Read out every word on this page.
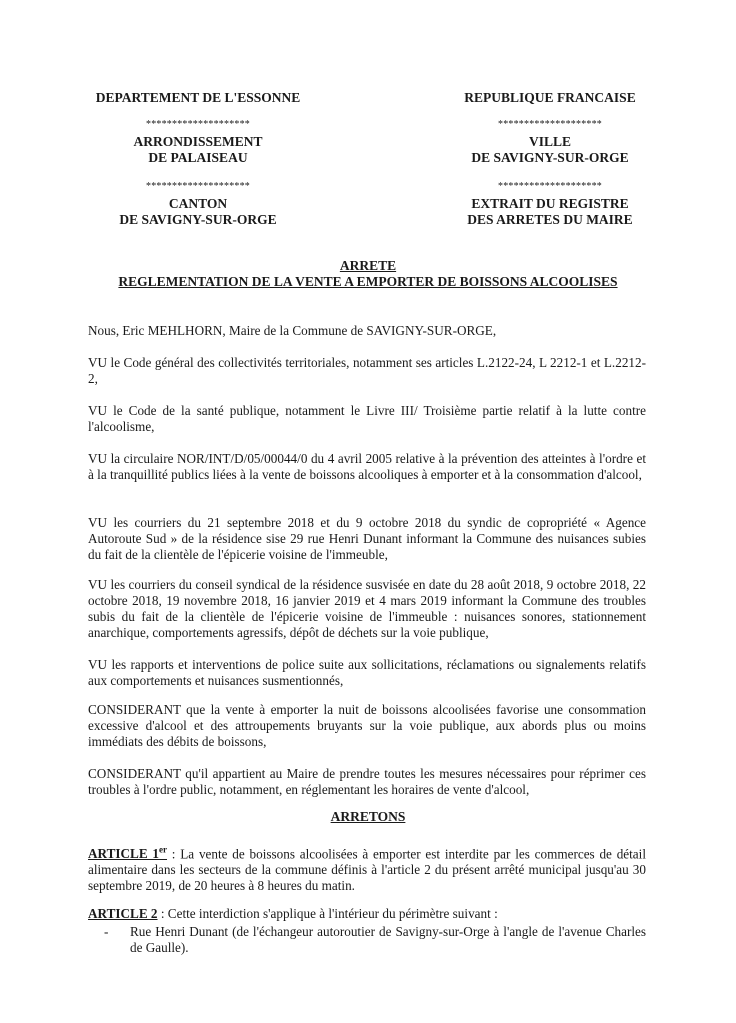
DEPARTEMENT DE L'ESSONNE
********************
ARRONDISSEMENT
DE PALAISEAU
********************
CANTON
DE SAVIGNY-SUR-ORGE
REPUBLIQUE FRANCAISE
********************
VILLE
DE SAVIGNY-SUR-ORGE
********************
EXTRAIT DU REGISTRE
DES ARRETES DU MAIRE
ARRETE
REGLEMENTATION DE LA VENTE A EMPORTER DE BOISSONS ALCOOLISES
Nous, Eric MEHLHORN, Maire de la Commune de SAVIGNY-SUR-ORGE,
VU le Code général des collectivités territoriales, notamment ses articles L.2122-24, L 2212-1 et L.2212-2,
VU le Code de la santé publique, notamment le Livre III/ Troisième partie relatif à la lutte contre l'alcoolisme,
VU la circulaire NOR/INT/D/05/00044/0 du 4 avril 2005 relative à la prévention des atteintes à l'ordre et à la tranquillité publics liées à la vente de boissons alcooliques à emporter et à la consommation d'alcool,
VU les courriers du 21 septembre 2018 et du 9 octobre 2018 du syndic de copropriété « Agence Autoroute Sud » de la résidence sise 29 rue Henri Dunant informant la Commune des nuisances subies du fait de la clientèle de l'épicerie voisine de l'immeuble,
VU les courriers du conseil syndical de la résidence susvisée en date du 28 août 2018, 9 octobre 2018, 22 octobre 2018, 19 novembre 2018, 16 janvier 2019 et 4 mars 2019 informant la Commune des troubles subis du fait de la clientèle de l'épicerie voisine de l'immeuble : nuisances sonores, stationnement anarchique, comportements agressifs, dépôt de déchets sur la voie publique,
VU les rapports et interventions de police suite aux sollicitations, réclamations ou signalements relatifs aux comportements et nuisances susmentionnés,
CONSIDERANT que la vente à emporter la nuit de boissons alcoolisées favorise une consommation excessive d'alcool et des attroupements bruyants sur la voie publique, aux abords plus ou moins immédiats des débits de boissons,
CONSIDERANT qu'il appartient au Maire de prendre toutes les mesures nécessaires pour réprimer ces troubles à l'ordre public, notamment, en réglementant les horaires de vente d'alcool,
ARRETONS
ARTICLE 1er : La vente de boissons alcoolisées à emporter est interdite par les commerces de détail alimentaire dans les secteurs de la commune définis à l'article 2 du présent arrêté municipal jusqu'au 30 septembre 2019, de 20 heures à 8 heures du matin.
ARTICLE 2 : Cette interdiction s'applique à l'intérieur du périmètre suivant :
- Rue Henri Dunant (de l'échangeur autoroutier de Savigny-sur-Orge à l'angle de l'avenue Charles de Gaulle).
